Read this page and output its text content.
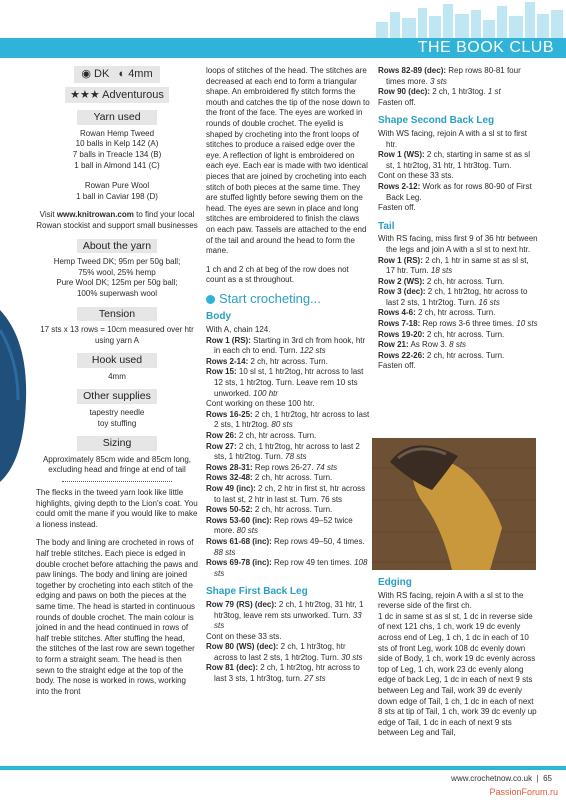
THE BOOK CLUB
◉ DK ◐ 4mm
★★★ Adventurous
Yarn used
Rowan Hemp Tweed
10 balls in Kelp 142 (A)
7 balls in Treacle 134 (B)
1 ball in Almond 141 (C)
Rowan Pure Wool
1 ball in Caviar 198 (D)
Visit www.knitrowan.com to find your local Rowan stockist and support small businesses
About the yarn
Hemp Tweed DK; 95m per 50g ball;
75% wool, 25% hemp
Pure Wool DK; 125m per 50g ball;
100% superwash wool
Tension
17 sts x 13 rows = 10cm measured over htr using yarn A
Hook used
4mm
Other supplies
tapestry needle
toy stuffing
Sizing
Approximately 85cm wide and 85cm long, excluding head and fringe at end of tail

The flecks in the tweed yarn look like little highlights, giving depth to the Lion's coat. You could omit the mane if you would like to make a lioness instead.

The body and lining are crocheted in rows of half treble stitches. Each piece is edged in double crochet before attaching the paws and paw linings. The body and lining are joined together by crocheting into each stitch of the edging and paws on both the pieces at the same time. The head is started in continuous rounds of double crochet. The main colour is joined in and the head continued in rows of half treble stitches. After stuffing the head, the stitches of the last row are sewn together to form a straight seam. The head is then sewn to the straight edge at the top of the body. The nose is worked in rows, working into the front

loops of stitches of the head. The stitches are decreased at each end to form a triangular shape. An embroidered fly stitch forms the mouth and catches the tip of the nose down to the front of the face. The eyes are worked in rounds of double crochet. The eyelid is shaped by crocheting into the front loops of stitches to produce a raised edge over the eye. A reflection of light is embroidered on each eye. Each ear is made with two identical pieces that are joined by crocheting into each stitch of both pieces at the same time. They are stuffed lightly before sewing them on the head. The eyes are sewn in place and long stitches are embroidered to finish the claws on each paw. Tassels are attached to the end of the tail and around the head to form the mane.

1 ch and 2 ch at beg of the row does not count as a st throughout.

Start crocheting...
Body
With A, chain 124.
Row 1 (RS): Starting in 3rd ch from hook, htr in each ch to end. Turn. 122 sts
Rows 2-14: 2 ch, htr across. Turn.
Row 15: 10 sl st, 1 htr2tog, htr across to last 12 sts, 1 htr2tog. Turn. Leave rem 10 sts unworked. 100 htr
Cont working on these 100 htr.
Rows 16-25: 2 ch, 1 htr2tog, htr across to last 2 sts, 1 htr2tog. 80 sts
Row 26: 2 ch, htr across. Turn.
Row 27: 2 ch, 1 htr2tog, htr across to last 2 sts, 1 htr2tog. Turn. 78 sts
Rows 28-31: Rep rows 26-27. 74 sts
Rows 32-48: 2 ch, htr across. Turn.
Row 49 (inc): 2 ch, 2 htr in first st, htr across to last st, 2 htr in last st. Turn. 76 sts
Rows 50-52: 2 ch, htr across. Turn.
Rows 53-60 (inc): Rep rows 49–52 twice more. 80 sts
Rows 61-68 (inc): Rep rows 49–50, 4 times. 88 sts
Rows 69-78 (inc): Rep row 49 ten times. 108 sts
Shape First Back Leg
Row 79 (RS) (dec): 2 ch, 1 htr2tog, 31 htr, 1 htr3tog, leave rem sts unworked. Turn. 33 sts
Cont on these 33 sts.
Row 80 (WS) (dec): 2 ch, 1 htr3tog, htr across to last 2 sts, 1 htr2tog. Turn. 30 sts
Row 81 (dec): 2 ch, 1 htr2tog, htr across to last 3 sts, 1 htr3tog, turn. 27 sts
Rows 82-89 (dec): Rep rows 80-81 four times more. 3 sts
Row 90 (dec): 2 ch, 1 htr3tog. 1 st
Fasten off.
Shape Second Back Leg
With WS facing, rejoin A with a sl st to first htr.
Row 1 (WS): 2 ch, starting in same st as sl st, 1 htr2tog, 31 htr, 1 htr3tog. Turn.
Cont on these 33 sts.
Rows 2-12: Work as for rows 80-90 of First Back Leg.
Fasten off.
Tail
With RS facing, miss first 9 of 36 htr between the legs and join A with a sl st to next htr.
Row 1 (RS): 2 ch, 1 htr in same st as sl st, 17 htr. Turn. 18 sts
Row 2 (WS): 2 ch, htr across. Turn.
Row 3 (dec): 2 ch, 1 htr2tog, htr across to last 2 sts, 1 htr2tog. Turn. 16 sts
Rows 4-6: 2 ch, htr across. Turn.
Rows 7-18: Rep rows 3-6 three times. 10 sts
Rows 19-20: 2 ch, htr across. Turn.
Row 21: As Row 3. 8 sts
Rows 22-26: 2 ch, htr across. Turn.
Fasten off.
Edging
With RS facing, rejoin A with a sl st to the reverse side of the first ch.
1 dc in same st as sl st, 1 dc in reverse side of next 121 chs, 1 ch, work 19 dc evenly across end of Leg, 1 ch, 1 dc in each of 10 sts of front Leg, work 108 dc evenly down side of Body, 1 ch, work 19 dc evenly across top of Leg, 1 ch, work 23 dc evenly along edge of back Leg, 1 dc in each of next 9 sts between Leg and Tail, work 39 dc evenly down edge of Tail, 1 ch, 1 dc in each of next 8 sts at tip of Tail, 1 ch, work 39 dc evenly up edge of Tail, 1 dc in each of next 9 sts between Leg and Tail,
www.crochetnow.co.uk | 65
PassionForum.ru
